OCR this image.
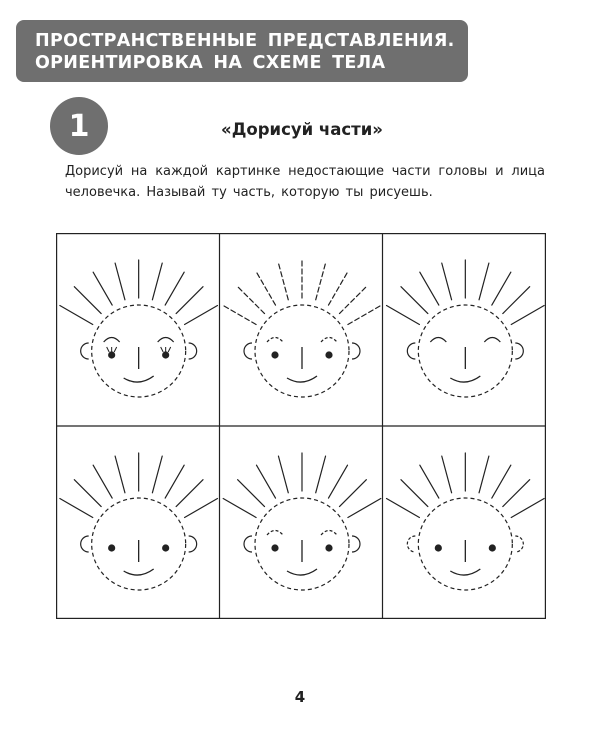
ПРОСТРАНСТВЕННЫЕ ПРЕДСТАВЛЕНИЯ.
ОРИЕНТИРОВКА НА СХЕМЕ ТЕЛА
1	«Дорисуй части»
Дорисуй на каждой картинке недостающие части головы и лица человечка. Называй ту часть, которую ты рисуешь.
4
